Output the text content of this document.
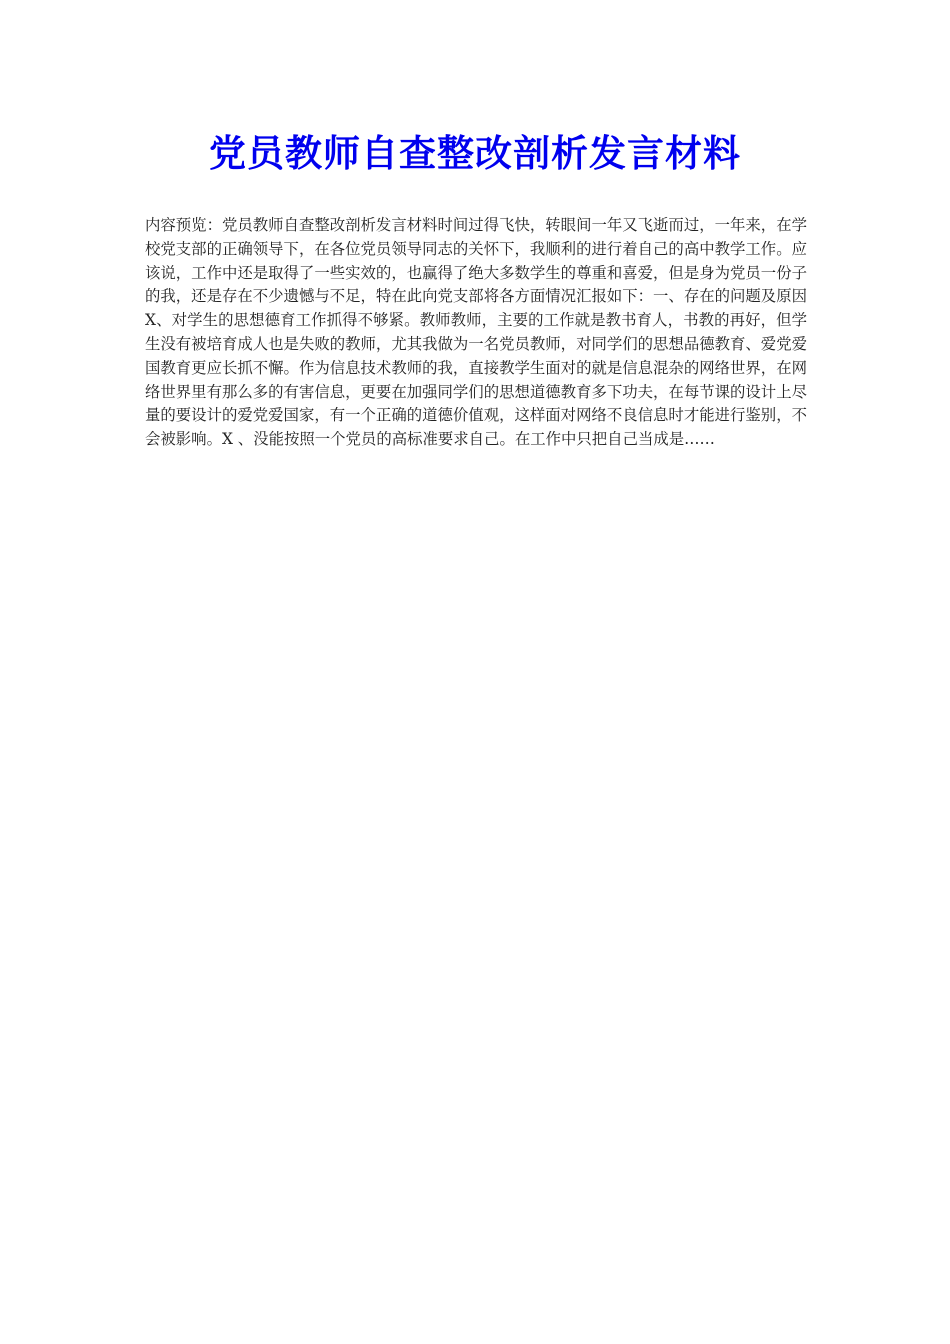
党员教师自查整改剖析发言材料

内容预览：党员教师自查整改剖析发言材料时间过得飞快，转眼间一年又飞逝而过，一年来，在学校党支部的正确领导下，在各位党员领导同志的关怀下，我顺利的进行着自己的高中教学工作。应该说，工作中还是取得了一些实效的，也赢得了绝大多数学生的尊重和喜爱，但是身为党员一份子的我，还是存在不少遗憾与不足，特在此向党支部将各方面情况汇报如下：一、存在的问题及原因 X、对学生的思想德育工作抓得不够紧。教师教师，主要的工作就是教书育人，书教的再好，但学生没有被培育成人也是失败的教师，尤其我做为一名党员教师，对同学们的思想品德教育、爱党爱国教育更应长抓不懈。作为信息技术教师的我，直接教学生面对的就是信息混杂的网络世界，在网络世界里有那么多的有害信息，更要在加强同学们的思想道德教育多下功夫，在每节课的设计上尽量的要设计的爱党爱国家，有一个正确的道德价值观，这样面对网络不良信息时才能进行鉴别，不会被影响。X 、没能按照一个党员的高标准要求自己。在工作中只把自己当成是……
